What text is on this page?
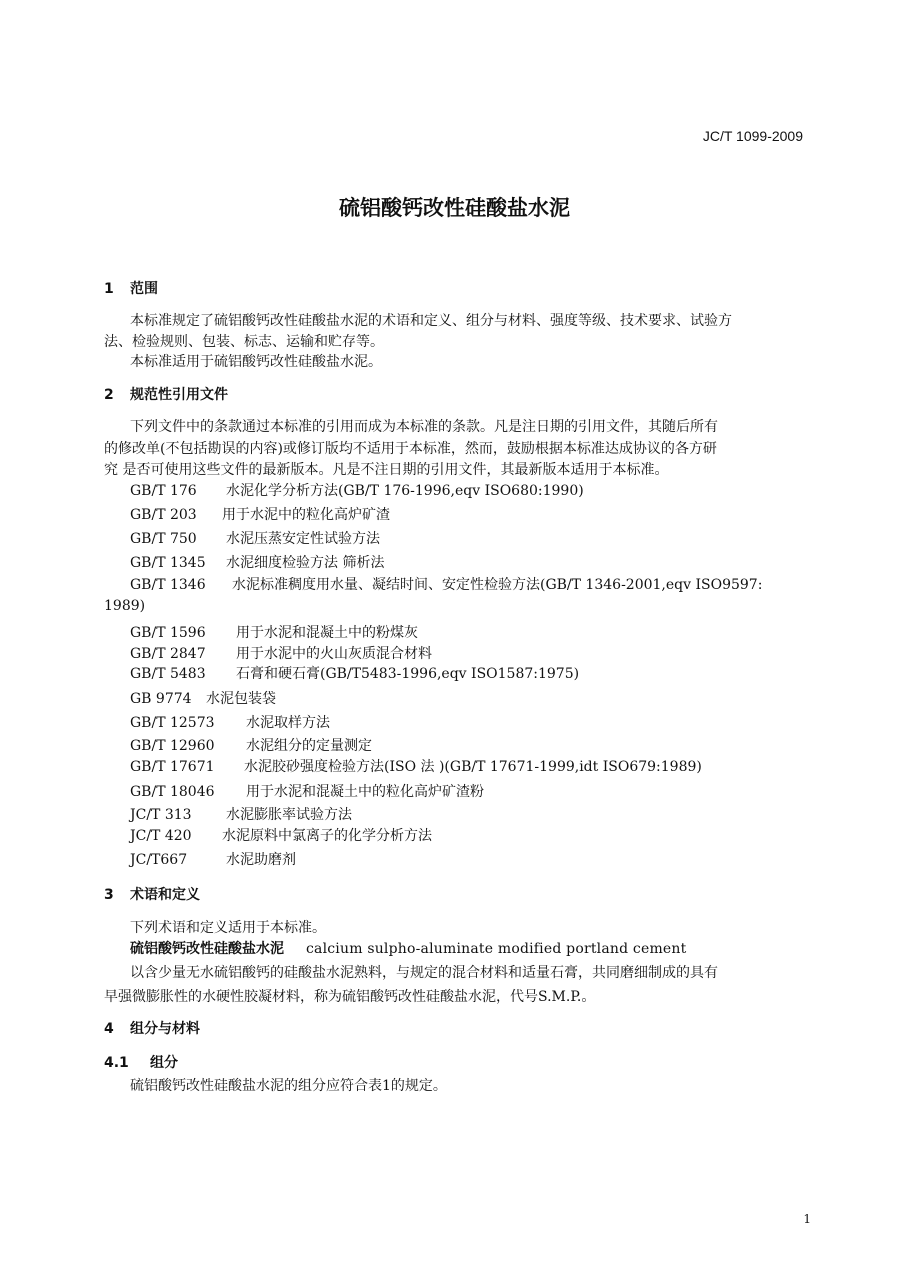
JC/T 1099-2009
硫铝酸钙改性硅酸盐水泥
1 范围
本标准规定了硫铝酸钙改性硅酸盐水泥的术语和定义、组分与材料、强度等级、技术要求、试验方
法、检验规则、包装、标志、运输和贮存等。
本标准适用于硫铝酸钙改性硅酸盐水泥。
2 规范性引用文件
下列文件中的条款通过本标准的引用而成为本标准的条款。凡是注日期的引用文件，其随后所有
的修改单(不包括勘误的内容)或修订版均不适用于本标准，然而，鼓励根据本标准达成协议的各方研
究 是否可使用这些文件的最新版本。凡是不注日期的引用文件，其最新版本适用于本标准。
GB/T 176 水泥化学分析方法(GB/T 176-1996,eqv ISO680:1990)
GB/T 203 用于水泥中的粒化高炉矿渣
GB/T 750 水泥压蒸安定性试验方法
GB/T 1345 水泥细度检验方法 筛析法
GB/T 1346 水泥标准稠度用水量、凝结时间、安定性检验方法(GB/T 1346-2001,eqv ISO9597:
1989)
GB/T 1596 用于水泥和混凝土中的粉煤灰
GB/T 2847 用于水泥中的火山灰质混合材料
GB/T 5483 石膏和硬石膏(GB/T5483-1996,eqv ISO1587:1975)
GB 9774 水泥包装袋
GB/T 12573 水泥取样方法
GB/T 12960 水泥组分的定量测定
GB/T 17671 水泥胶砂强度检验方法(ISO 法 )(GB/T 17671-1999,idt ISO679:1989)
GB/T 18046 用于水泥和混凝土中的粒化高炉矿渣粉
JC/T 313 水泥膨胀率试验方法
JC/T 420 水泥原料中氯离子的化学分析方法
JC/T667	水泥助磨剂
3 术语和定义
下列术语和定义适用于本标准。
硫铝酸钙改性硅酸盐水泥 calcium sulpho-aluminate modified portland cement
以含少量无水硫铝酸钙的硅酸盐水泥熟料，与规定的混合材料和适量石膏，共同磨细制成的具有
早强微膨胀性的水硬性胶凝材料，称为硫铝酸钙改性硅酸盐水泥，代号S.M.P.。
4 组分与材料
4.1 组分
硫铝酸钙改性硅酸盐水泥的组分应符合表1的规定。
1
